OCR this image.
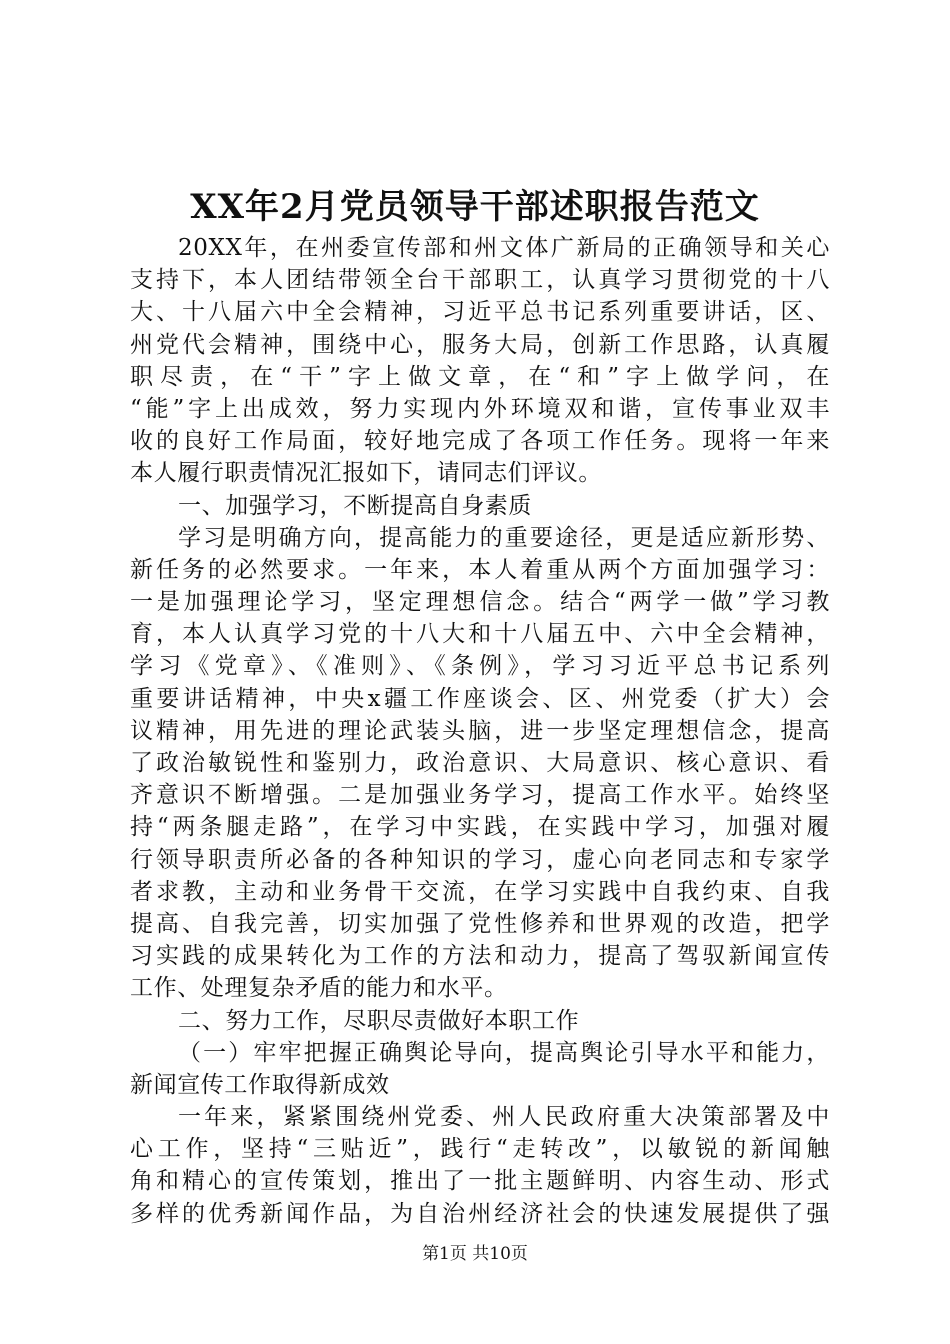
XX年2月党员领导干部述职报告范文
20XX年，在州委宣传部和州文体广新局的正确领导和关心
支持下，本人团结带领全台干部职工，认真学习贯彻党的十八
大、十八届六中全会精神，习近平总书记系列重要讲话，区、
州党代会精神，围绕中心，服务大局，创新工作思路，认真履
职尽责，在“干”字上做文章，在“和”字上做学问，在
“能”字上出成效，努力实现内外环境双和谐，宣传事业双丰
收的良好工作局面，较好地完成了各项工作任务。现将一年来
本人履行职责情况汇报如下，请同志们评议。
一、加强学习，不断提高自身素质
学习是明确方向，提高能力的重要途径，更是适应新形势、
新任务的必然要求。一年来，本人着重从两个方面加强学习：
一是加强理论学习，坚定理想信念。结合“两学一做”学习教
育，本人认真学习党的十八大和十八届五中、六中全会精神，
学习《党章》、《准则》、《条例》，学习习近平总书记系列
重要讲话精神，中央x疆工作座谈会、区、州党委（扩大）会
议精神，用先进的理论武装头脑，进一步坚定理想信念，提高
了政治敏锐性和鉴别力，政治意识、大局意识、核心意识、看
齐意识不断增强。二是加强业务学习，提高工作水平。始终坚
持“两条腿走路”，在学习中实践，在实践中学习，加强对履
行领导职责所必备的各种知识的学习，虚心向老同志和专家学
者求教，主动和业务骨干交流，在学习实践中自我约束、自我
提高、自我完善，切实加强了党性修养和世界观的改造，把学
习实践的成果转化为工作的方法和动力，提高了驾驭新闻宣传
工作、处理复杂矛盾的能力和水平。
二、努力工作，尽职尽责做好本职工作
（一）牢牢把握正确舆论导向，提高舆论引导水平和能力，
新闻宣传工作取得新成效
一年来，紧紧围绕州党委、州人民政府重大决策部署及中
心工作，坚持“三贴近”，践行“走转改”，以敏锐的新闻触
角和精心的宣传策划，推出了一批主题鲜明、内容生动、形式
多样的优秀新闻作品，为自治州经济社会的快速发展提供了强
第1页 共10页
